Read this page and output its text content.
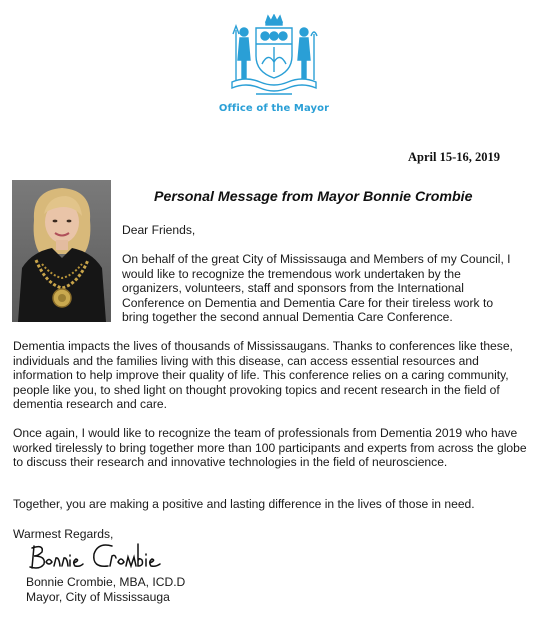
Office of the Mayor
April 15-16, 2019
Personal Message from Mayor Bonnie Crombie
Dear Friends,
On behalf of the great City of Mississauga and Members of my Council, I would like to recognize the tremendous work undertaken by the organizers, volunteers, staff and sponsors from the International Conference on Dementia and Dementia Care for their tireless work to bring together the second annual Dementia Care Conference.
Dementia impacts the lives of thousands of Mississaugans. Thanks to conferences like these, individuals and the families living with this disease, can access essential resources and information to help improve their quality of life. This conference relies on a caring community, people like you, to shed light on thought provoking topics and recent research in the field of dementia research and care.
Once again, I would like to recognize the team of professionals from Dementia 2019 who have worked tirelessly to bring together more than 100 participants and experts from across the globe to discuss their research and innovative technologies in the field of neuroscience.
Together, you are making a positive and lasting difference in the lives of those in need.
Warmest Regards,
Bonnie Crombie, MBA, ICD.D
Mayor, City of Mississauga
